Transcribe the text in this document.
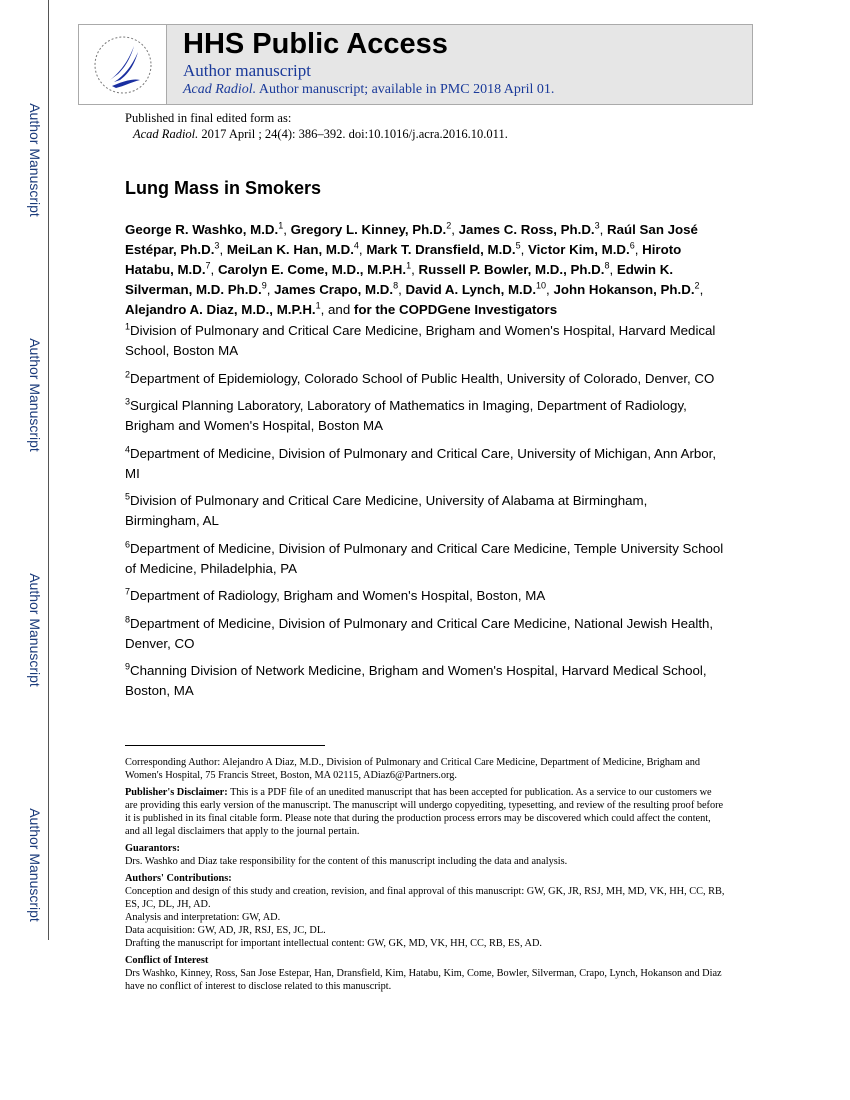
Author Manuscript
Author Manuscript
Author Manuscript
Author Manuscript
HHS Public Access
Author manuscript
Acad Radiol. Author manuscript; available in PMC 2018 April 01.
Published in final edited form as:
Acad Radiol. 2017 April ; 24(4): 386–392. doi:10.1016/j.acra.2016.10.011.
Lung Mass in Smokers
George R. Washko, M.D.$^1$, Gregory L. Kinney, Ph.D.$^2$, James C. Ross, Ph.D.$^3$, Raúl San José Estépar, Ph.D.$^3$, MeiLan K. Han, M.D.$^4$, Mark T. Dransfield, M.D.$^5$, Victor Kim, M.D.$^6$, Hiroto Hatabu, M.D.$^7$, Carolyn E. Come, M.D., M.P.H.$^1$, Russell P. Bowler, M.D., Ph.D.$^8$, Edwin K. Silverman, M.D. Ph.D.$^9$, James Crapo, M.D.$^8$, David A. Lynch, M.D.$^{10}$, John Hokanson, Ph.D.$^2$, Alejandro A. Diaz, M.D., M.P.H.$^1$, and for the COPDGene Investigators
$^1$Division of Pulmonary and Critical Care Medicine, Brigham and Women's Hospital, Harvard Medical School, Boston MA
$^2$Department of Epidemiology, Colorado School of Public Health, University of Colorado, Denver, CO
$^3$Surgical Planning Laboratory, Laboratory of Mathematics in Imaging, Department of Radiology, Brigham and Women's Hospital, Boston MA
$^4$Department of Medicine, Division of Pulmonary and Critical Care, University of Michigan, Ann Arbor, MI
$^5$Division of Pulmonary and Critical Care Medicine, University of Alabama at Birmingham, Birmingham, AL
$^6$Department of Medicine, Division of Pulmonary and Critical Care Medicine, Temple University School of Medicine, Philadelphia, PA
$^7$Department of Radiology, Brigham and Women's Hospital, Boston, MA
$^8$Department of Medicine, Division of Pulmonary and Critical Care Medicine, National Jewish Health, Denver, CO
$^9$Channing Division of Network Medicine, Brigham and Women's Hospital, Harvard Medical School, Boston, MA

Corresponding Author: Alejandro A Diaz, M.D., Division of Pulmonary and Critical Care Medicine, Department of Medicine, Brigham and Women's Hospital, 75 Francis Street, Boston, MA 02115, ADiaz6@Partners.org.

Publisher's Disclaimer: This is a PDF file of an unedited manuscript that has been accepted for publication. As a service to our customers we are providing this early version of the manuscript. The manuscript will undergo copyediting, typesetting, and review of the resulting proof before it is published in its final citable form. Please note that during the production process errors may be discovered which could affect the content, and all legal disclaimers that apply to the journal pertain.

Guarantors:
Drs. Washko and Diaz take responsibility for the content of this manuscript including the data and analysis.

Authors' Contributions:
Conception and design of this study and creation, revision, and final approval of this manuscript: GW, GK, JR, RSJ, MH, MD, VK, HH, CC, RB, ES, JC, DL, JH, AD.
Analysis and interpretation: GW, AD.
Data acquisition: GW, AD, JR, RSJ, ES, JC, DL.
Drafting the manuscript for important intellectual content: GW, GK, MD, VK, HH, CC, RB, ES, AD.

Conflict of Interest
Drs Washko, Kinney, Ross, San Jose Estepar, Han, Dransfield, Kim, Hatabu, Kim, Come, Bowler, Silverman, Crapo, Lynch, Hokanson and Diaz have no conflict of interest to disclose related to this manuscript.
